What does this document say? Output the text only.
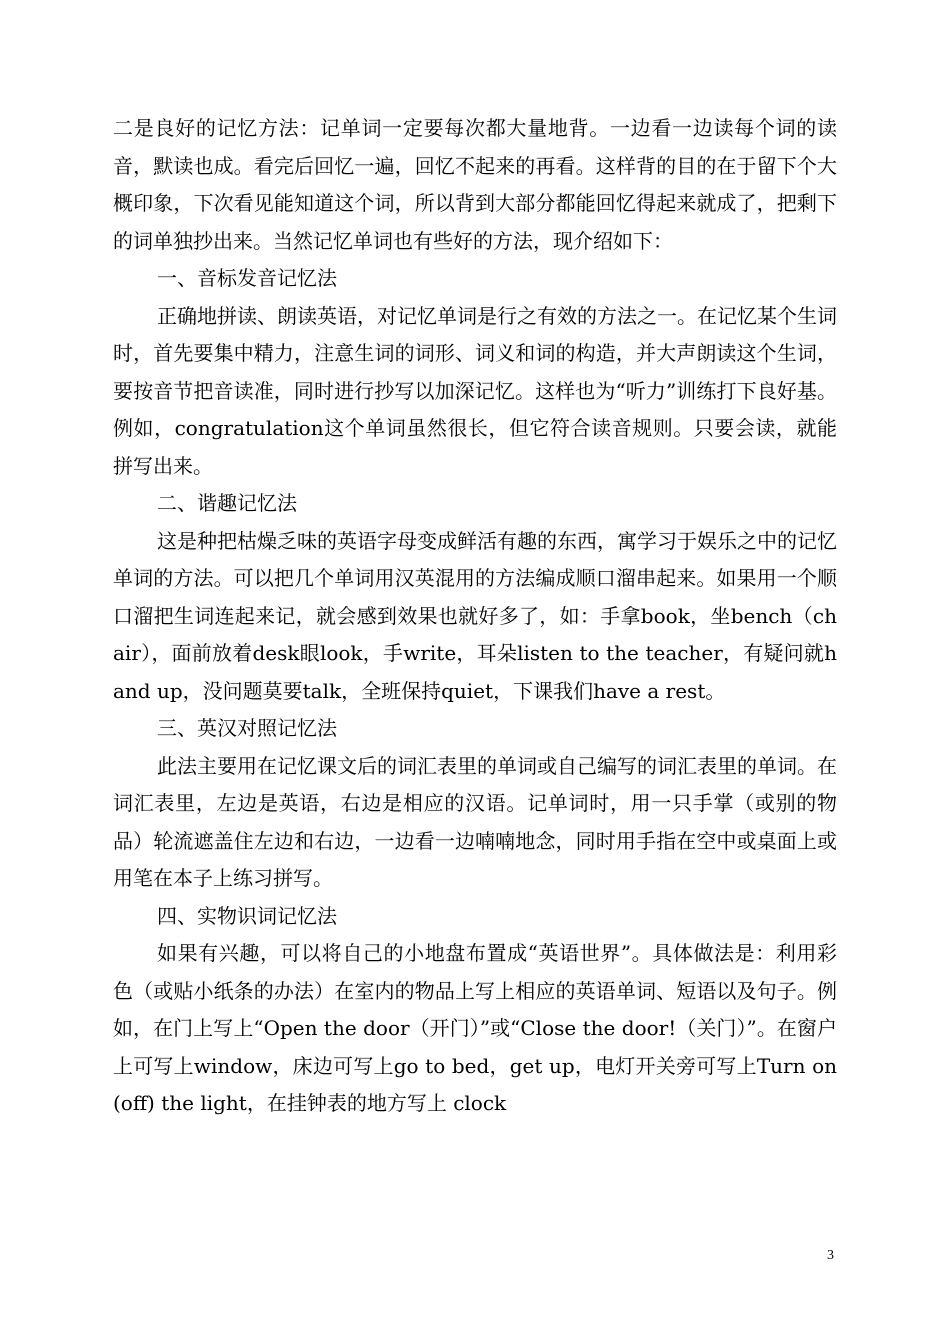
二是良好的记忆方法：记单词一定要每次都大量地背。一边看一边读每个词的读音，默读也成。看完后回忆一遍，回忆不起来的再看。这样背的目的在于留下个大概印象，下次看见能知道这个词，所以背到大部分都能回忆得起来就成了，把剩下的词单独抄出来。当然记忆单词也有些好的方法，现介绍如下：

一、音标发音记忆法

正确地拼读、朗读英语，对记忆单词是行之有效的方法之一。在记忆某个生词时，首先要集中精力，注意生词的词形、词义和词的构造，并大声朗读这个生词，要按音节把音读准，同时进行抄写以加深记忆。这样也为“听力”训练打下良好基。例如，congratulation这个单词虽然很长，但它符合读音规则。只要会读，就能拼写出来。

二、谐趣记忆法

这是种把枯燥乏味的英语字母变成鲜活有趣的东西，寓学习于娱乐之中的记忆单词的方法。可以把几个单词用汉英混用的方法编成顺口溜串起来。如果用一个顺口溜把生词连起来记，就会感到效果也就好多了，如：手拿book，坐bench（chair），面前放着desk眼look，手write，耳朵listen to the teacher，有疑问就hand up，没问题莫要talk，全班保持quiet，下课我们have a rest。

三、英汉对照记忆法

此法主要用在记忆课文后的词汇表里的单词或自己编写的词汇表里的单词。在词汇表里，左边是英语，右边是相应的汉语。记单词时，用一只手掌（或别的物品）轮流遮盖住左边和右边，一边看一边喃喃地念，同时用手指在空中或桌面上或用笔在本子上练习拼写。

四、实物识词记忆法

如果有兴趣，可以将自己的小地盘布置成“英语世界”。具体做法是：利用彩色（或贴小纸条的办法）在室内的物品上写上相应的英语单词、短语以及句子。例如，在门上写上“Open the door（开门）”或“Close the door!（关门）”。在窗户上可写上window，床边可写上go to bed，get up，电灯开关旁可写上Turn on (off) the light，在挂钟表的地方写上 clock

3
